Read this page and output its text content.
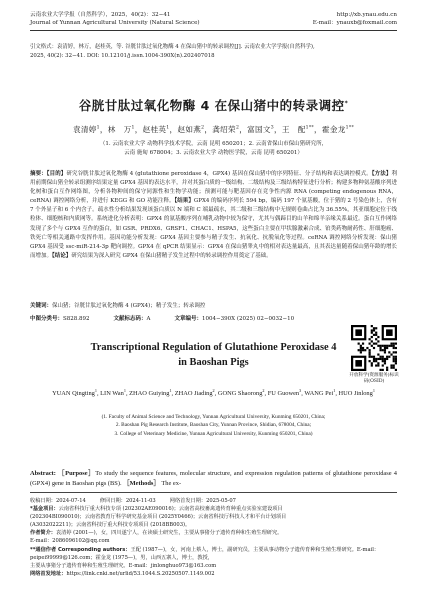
云南农业大学学报（自然科学），2025，40(2)：32−41	http://xb.ynau.edu.cn
Journal of Yunnan Agricultural University (Natural Science)	E-mail：ynauxb@foxmail.com
引文格式：袁清婷，林万，赵桂英，等. 谷胱甘肽过氧化物酶 4 在保山猪中的转录调控[J]. 云南农业大学学报(自然科学),
2025, 40(2): 32−41. DOI: 10.12101/j.issn.1004-390X(n).202407018
谷胱甘肽过氧化物酶 4 在保山猪中的转录调控*
袁清婷$^1$，林　万$^1$，赵桂英$^1$，赵如燕$^2$，龚绍荣$^2$，富国文$^3$，王　配$^{1**}$，霍金龙$^{1**}$
（1. 云南农业大学 动物科学技术学院，云南 昆明 650201；2. 云南省保山市保山猪研究所，
云南 施甸 678004；3. 云南农业大学 动物医学院，云南 昆明 650201）
摘要：【目的】研究谷胱甘肽过氧化物酶 4 (glutathione peroxidase 4，GPX4) 基因在保山猪中的序列特征、分子结构和表达调控模式。【方法】利用前期保山猪全转录组测序结果定量 GPX4 基因的表达水平，并对其蛋白质的一级结构、二级结构及三级结构特征进行分析；构建多物种氨基酸序列进化树和蛋白互作网络图，分析各物种间的保守同源性和生物学功能；预测可能与靶基因存在竞争性内源 RNA (competing endogenous RNA，ceRNA) 调控网络分析，并进行 KEGG 和 GO 功能注释。【结果】GPX4 的编码序列长 594 bp，编码 197 个氨基酸，位于猪的 2 号染色体上，含有 7 个外显子和 6 个内含子。疏水性分析结果发现该蛋白质以 N 端和 C 端最疏水，其二级和三级结构中无规则卷曲占比为 36.55%，其亚细胞定位于线粒体、细胞核和内质网等。系统进化分析表明：GPX4 的氨基酸序列在哺乳动物中较为保守，尤其与偶蹄目的山羊和绵羊亲缘关系最近。蛋白互作网络发现了多个与 GPX4 互作的蛋白，如 GSR、PRDX6、GRSF1、CHAC1、HSPA5，这些蛋白主要在甲状腺激素合成、铂类药物耐药性、肝细胞癌、铁死亡等相关通路中发挥作用。基因功能分析发现：GPX4 基因主要参与精子发生、抗氧化、抗脱氧化等过程。ceRNA 调控网络分析发现：保山猪 GPX4 基因受 ssc-miR-214-3p 靶向调控。GPX4 在 qPCR 结果显示：GPX4 在保山猪睾丸中的相对表达量最高，且其表达量随着保山猪年龄的增长而增加。【结论】研究结果为深入研究 GPX4 在保山猪精子发生过程中的转录调控作用奠定了基础。
关键词：保山猪；谷胱甘肽过氧化物酶 4 (GPX4)；精子发生；转录调控
中图分类号：S828.892	文献标志码：A	文章编号：1004−390X (2025) 02−0032−10
开放科学(资源服务)标识码(OSID)
Transcriptional Regulation of Glutathione Peroxidase 4 in Baoshan Pigs
YUAN Qingting$^1$, LIN Wan$^1$, ZHAO Guiying$^1$, ZHAO Jiading$^2$, GONG Shaorong$^2$, FU Guowen$^3$, WANG Pei$^1$, HUO Jinlong$^1$
(1. Faculty of Animal Science and Technology, Yunnan Agricultural University, Kunming 650201, China;
2. Baoshan Pig Research Institute, Baoshan City, Yunnan Province, Shidian, 678004, China;
3. College of Veterinary Medicine, Yunnan Agricultural University, Kunming 650201, China)
Abstract: ［Purpose］To study the sequence features, molecular structure, and expression regulation patterns of glutathione peroxidase 4 (GPX4) gene in Baoshan pigs (BS). ［Methods］ The ex-
收稿日期：2024-07-14	修回日期：2024-11-03	网络首发日期：2025-05-07
*基金项目：云南省科技厅重大科技专项 (202302AE090016)；云南省高校畜禽遗传育种重点实验室建设项目
(202304BI090010)；云南省教育厅科学研究基金项目 (2025Y0466)；云南省科技厅科技人才和平台计划项目
(A3032022211)；云南省科技厅重大科技专项项目 (2018BB003)。
作者简介：袁清婷 (2001—)，女，四川遂宁人，在读硕士研究生，主要从事猪分子遗传育种和生殖生理研究。
E-mail：2086096102@qq.com
**通信作者 Corresponding authors：王配 (1987—)，女，河南上蔡人，博士，副研究员，主要从事动物分子遗传育种和生殖生理研究。E-mail：peipei99999@126.com；霍金龙 (1975—)，男，山西五寨人，博士，教授，
主要从事猪分子遗传育种和生殖生理研究。E-mail：jinlonghuo973@163.com
网络首发地址：https://link.cnki.net/urlid/53.1044.S.20250507.1149.002
